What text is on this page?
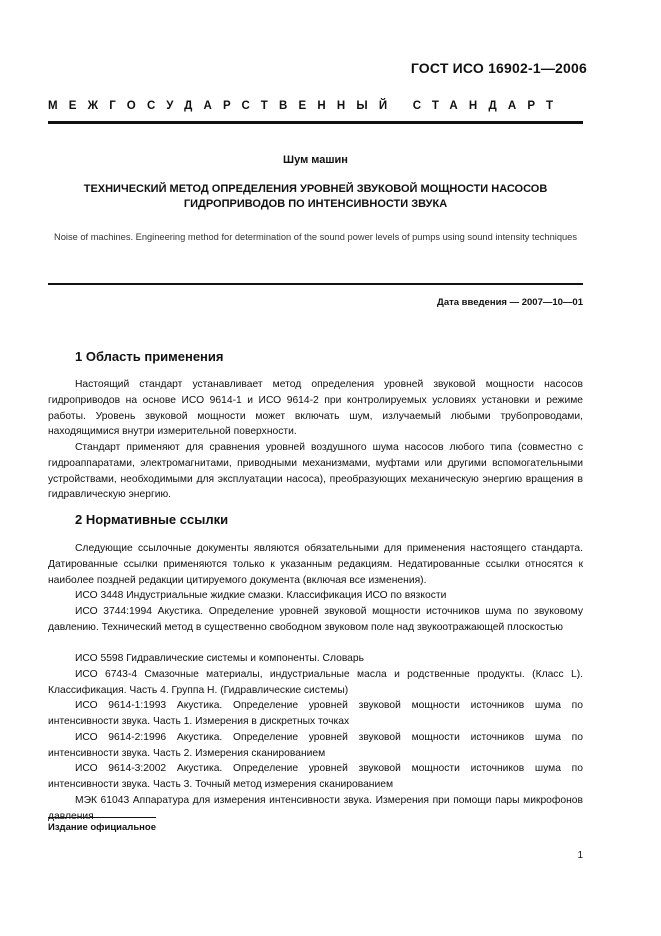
ГОСТ ИСО 16902-1—2006
МЕЖГОСУДАРСТВЕННЫЙ СТАНДАРТ
Шум машин
ТЕХНИЧЕСКИЙ МЕТОД ОПРЕДЕЛЕНИЯ УРОВНЕЙ ЗВУКОВОЙ МОЩНОСТИ НАСОСОВ ГИДРОПРИВОДОВ ПО ИНТЕНСИВНОСТИ ЗВУКА
Noise of machines. Engineering method for determination of the sound power levels of pumps using sound intensity techniques
Дата введения — 2007—10—01
1 Область применения
Настоящий стандарт устанавливает метод определения уровней звуковой мощности насосов гидроприводов на основе ИСО 9614-1 и ИСО 9614-2 при контролируемых условиях установки и режиме работы. Уровень звуковой мощности может включать шум, излучаемый любыми трубопроводами, находящимися внутри измерительной поверхности.
Стандарт применяют для сравнения уровней воздушного шума насосов любого типа (совместно с гидроаппаратами, электромагнитами, приводными механизмами, муфтами или другими вспомогательными устройствами, необходимыми для эксплуатации насоса), преобразующих механическую энергию вращения в гидравлическую энергию.
2 Нормативные ссылки
Следующие ссылочные документы являются обязательными для применения настоящего стандарта. Датированные ссылки применяются только к указанным редакциям. Недатированные ссылки относятся к наиболее поздней редакции цитируемого документа (включая все изменения).
ИСО 3448 Индустриальные жидкие смазки. Классификация ИСО по вязкости
ИСО 3744:1994 Акустика. Определение уровней звуковой мощности источников шума по звуковому давлению. Технический метод в существенно свободном звуковом поле над звукоотражающей плоскостью
ИСО 5598 Гидравлические системы и компоненты. Словарь
ИСО 6743-4 Смазочные материалы, индустриальные масла и родственные продукты. (Класс L). Классификация. Часть 4. Группа H. (Гидравлические системы)
ИСО 9614-1:1993 Акустика. Определение уровней звуковой мощности источников шума по интенсивности звука. Часть 1. Измерения в дискретных точках
ИСО 9614-2:1996 Акустика. Определение уровней звуковой мощности источников шума по интенсивности звука. Часть 2. Измерения сканированием
ИСО 9614-3:2002 Акустика. Определение уровней звуковой мощности источников шума по интенсивности звука. Часть 3. Точный метод измерения сканированием
МЭК 61043 Аппаратура для измерения интенсивности звука. Измерения при помощи пары микрофонов
Издание официальное
1
